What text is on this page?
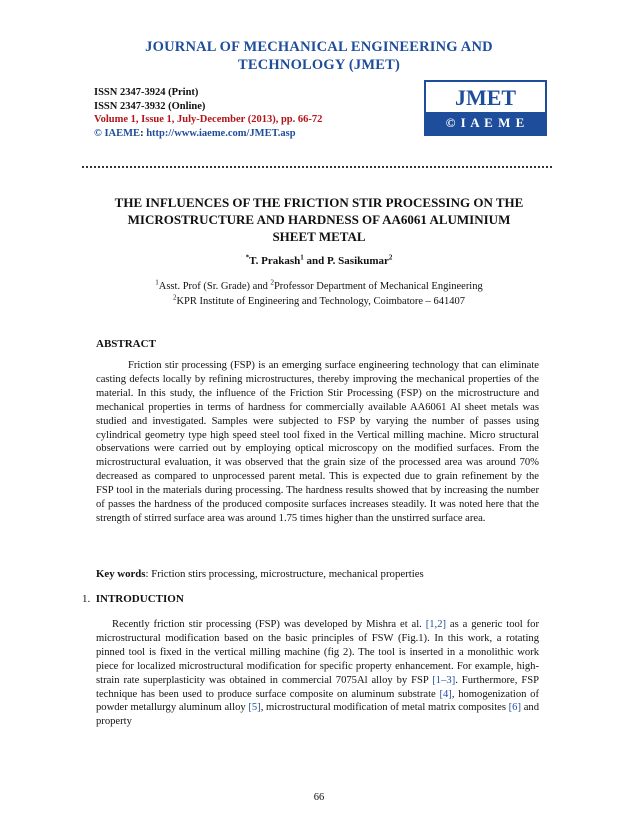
JOURNAL OF MECHANICAL ENGINEERING AND
TECHNOLOGY (JMET)
ISSN 2347-3924 (Print)
ISSN 2347-3932 (Online)
Volume 1, Issue 1, July-December (2013), pp. 66-72
© IAEME: http://www.iaeme.com/JMET.asp
JMET
© I A E M E
THE INFLUENCES OF THE FRICTION STIR PROCESSING ON THE
MICROSTRUCTURE AND HARDNESS OF AA6061 ALUMINIUM
SHEET METAL
*T. Prakash$^1$ and P. Sasikumar$^2$
$^1$Asst. Prof (Sr. Grade) and $^2$Professor Department of Mechanical Engineering
$^2$KPR Institute of Engineering and Technology, Coimbatore – 641407
ABSTRACT

Friction stir processing (FSP) is an emerging surface engineering technology that can eliminate casting defects locally by refining microstructures, thereby improving the mechanical properties of the material. In this study, the influence of the Friction Stir Processing (FSP) on the microstructure and mechanical properties in terms of hardness for commercially available AA6061 Al sheet metals was studied and investigated. Samples were subjected to FSP by varying the number of passes using cylindrical geometry type high speed steel tool fixed in the Vertical milling machine. Micro structural observations were carried out by employing optical microscopy on the modified surfaces. From the microstructural evaluation, it was observed that the grain size of the processed area was around 70% decreased as compared to unprocessed parent metal. This is expected due to grain refinement by the FSP tool in the materials during processing. The hardness results showed that by increasing the number of passes the hardness of the produced composite surfaces increases steadily. It was noted here that the strength of stirred surface area was around 1.75 times higher than the unstirred surface area.

Key words: Friction stirs processing, microstructure, mechanical properties
1. INTRODUCTION

Recently friction stir processing (FSP) was developed by Mishra et al. [1,2] as a generic tool for microstructural modification based on the basic principles of FSW (Fig.1). In this work, a rotating pinned tool is fixed in the vertical milling machine (fig 2). The tool is inserted in a monolithic work piece for localized microstructural modification for specific property enhancement. For example, high-strain rate superplasticity was obtained in commercial 7075Al alloy by FSP [1–3]. Furthermore, FSP technique has been used to produce surface composite on aluminum substrate [4], homogenization of powder metallurgy aluminum alloy [5], microstructural modification of metal matrix composites [6] and property

66
